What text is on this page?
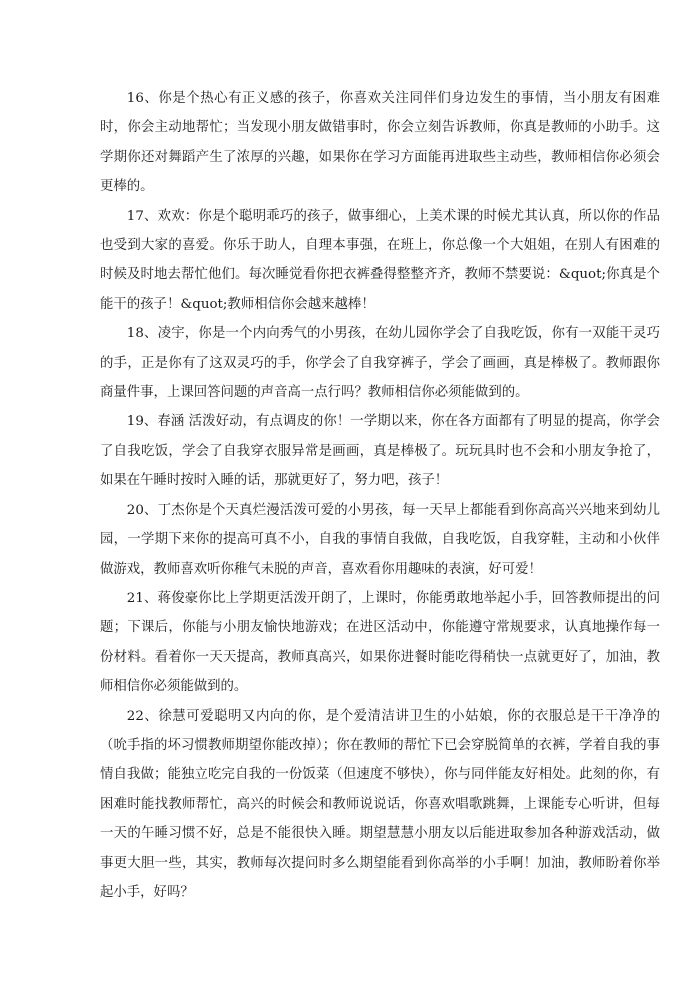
16、你是个热心有正义感的孩子，你喜欢关注同伴们身边发生的事情，当小朋友有困难时，你会主动地帮忙；当发现小朋友做错事时，你会立刻告诉教师，你真是教师的小助手。这学期你还对舞蹈产生了浓厚的兴趣，如果你在学习方面能再进取些主动些，教师相信你必须会更棒的。

17、欢欢：你是个聪明乖巧的孩子，做事细心，上美术课的时候尤其认真，所以你的作品也受到大家的喜爱。你乐于助人，自理本事强，在班上，你总像一个大姐姐，在别人有困难的时候及时地去帮忙他们。每次睡觉看你把衣裤叠得整整齐齐，教师不禁要说：&quot;你真是个能干的孩子！&quot;教师相信你会越来越棒！

18、凌宇，你是一个内向秀气的小男孩，在幼儿园你学会了自我吃饭，你有一双能干灵巧的手，正是你有了这双灵巧的手，你学会了自我穿裤子，学会了画画，真是棒极了。教师跟你商量件事，上课回答问题的声音高一点行吗？教师相信你必须能做到的。

19、春涵 活泼好动，有点调皮的你！一学期以来，你在各方面都有了明显的提高，你学会了自我吃饭，学会了自我穿衣服异常是画画，真是棒极了。玩玩具时也不会和小朋友争抢了，如果在午睡时按时入睡的话，那就更好了，努力吧，孩子！

20、丁杰你是个天真烂漫活泼可爱的小男孩，每一天早上都能看到你高高兴兴地来到幼儿园，一学期下来你的提高可真不小，自我的事情自我做，自我吃饭，自我穿鞋，主动和小伙伴做游戏，教师喜欢听你稚气未脱的声音，喜欢看你用趣味的表演，好可爱！

21、蒋俊豪你比上学期更活泼开朗了，上课时，你能勇敢地举起小手，回答教师提出的问题；下课后，你能与小朋友愉快地游戏；在进区活动中，你能遵守常规要求，认真地操作每一份材料。看着你一天天提高，教师真高兴，如果你进餐时能吃得稍快一点就更好了，加油，教师相信你必须能做到的。

22、徐慧可爱聪明又内向的你，是个爱清洁讲卫生的小姑娘，你的衣服总是干干净净的（吮手指的坏习惯教师期望你能改掉）；你在教师的帮忙下已会穿脱简单的衣裤，学着自我的事情自我做；能独立吃完自我的一份饭菜（但速度不够快），你与同伴能友好相处。此刻的你，有困难时能找教师帮忙，高兴的时候会和教师说说话，你喜欢唱歌跳舞，上课能专心听讲，但每一天的午睡习惯不好，总是不能很快入睡。期望慧慧小朋友以后能进取参加各种游戏活动，做事更大胆一些，其实，教师每次提问时多么期望能看到你高举的小手啊！加油，教师盼着你举起小手，好吗？
